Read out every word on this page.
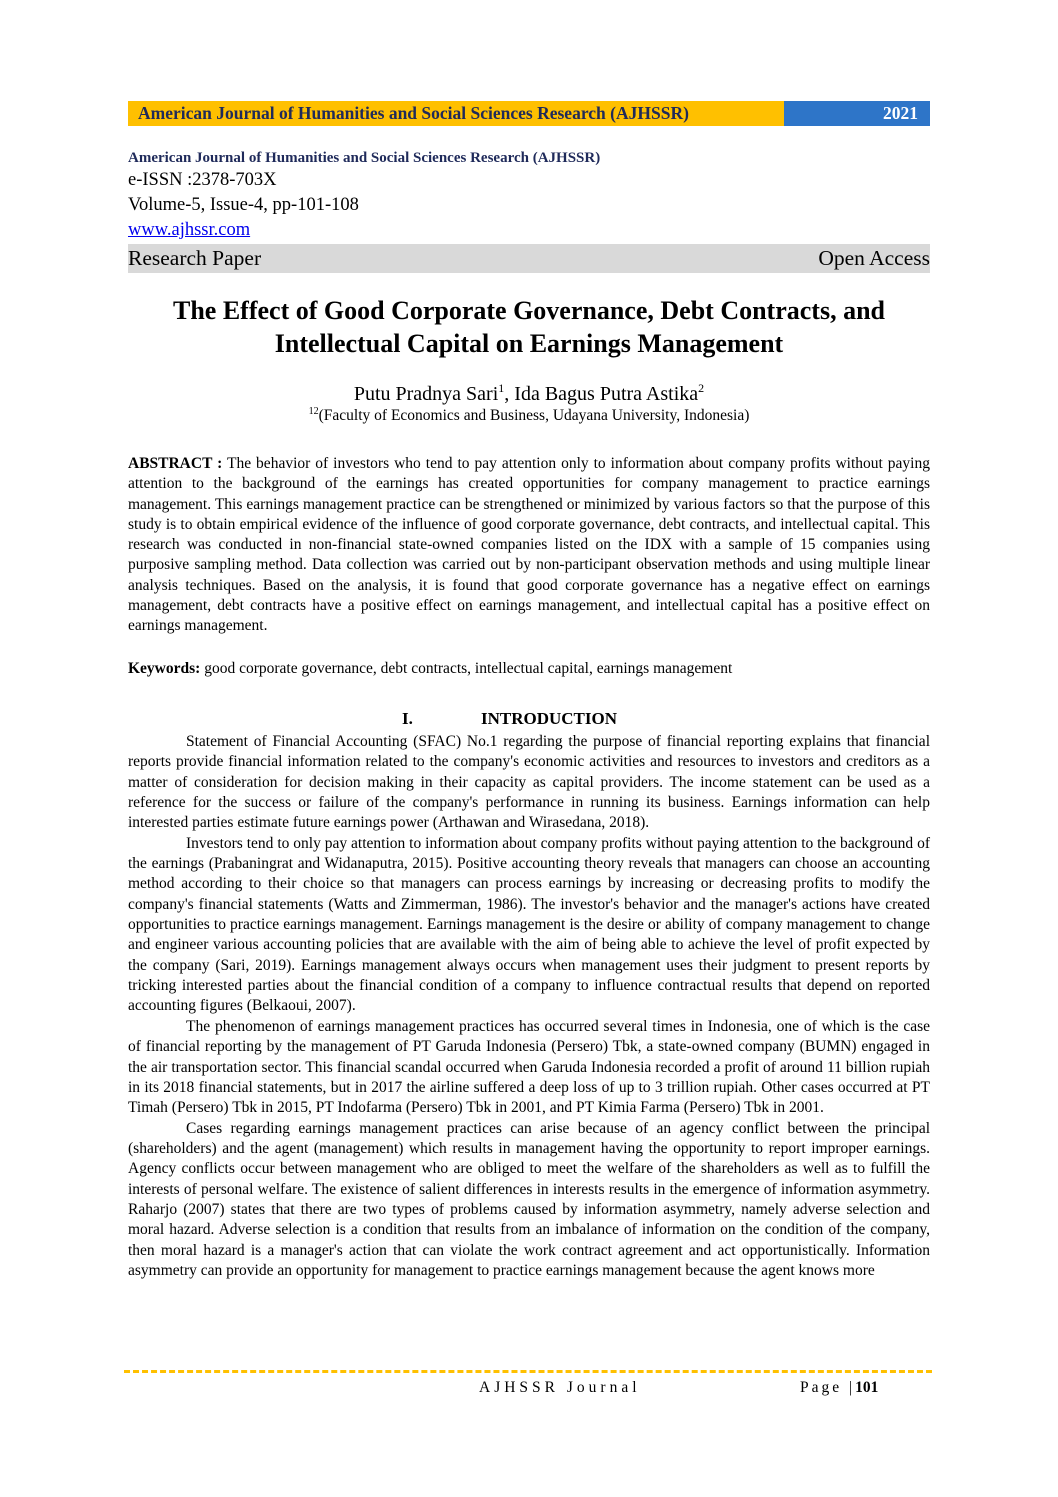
American Journal of Humanities and Social Sciences Research (AJHSSR)	2021
American Journal of Humanities and Social Sciences Research (AJHSSR)
e-ISSN :2378-703X
Volume-5, Issue-4, pp-101-108
www.ajhssr.com
Research Paper	Open Access
The Effect of Good Corporate Governance, Debt Contracts, and Intellectual Capital on Earnings Management
Putu Pradnya Sari$^1$, Ida Bagus Putra Astika$^2$
$^{12}$(Faculty of Economics and Business, Udayana University, Indonesia)
ABSTRACT : The behavior of investors who tend to pay attention only to information about company profits without paying attention to the background of the earnings has created opportunities for company management to practice earnings management. This earnings management practice can be strengthened or minimized by various factors so that the purpose of this study is to obtain empirical evidence of the influence of good corporate governance, debt contracts, and intellectual capital. This research was conducted in non-financial state-owned companies listed on the IDX with a sample of 15 companies using purposive sampling method. Data collection was carried out by non-participant observation methods and using multiple linear analysis techniques. Based on the analysis, it is found that good corporate governance has a negative effect on earnings management, debt contracts have a positive effect on earnings management, and intellectual capital has a positive effect on earnings management.
Keywords: good corporate governance, debt contracts, intellectual capital, earnings management
I.	INTRODUCTION

Statement of Financial Accounting (SFAC) No.1 regarding the purpose of financial reporting explains that financial reports provide financial information related to the company's economic activities and resources to investors and creditors as a matter of consideration for decision making in their capacity as capital providers. The income statement can be used as a reference for the success or failure of the company's performance in running its business. Earnings information can help interested parties estimate future earnings power (Arthawan and Wirasedana, 2018).

Investors tend to only pay attention to information about company profits without paying attention to the background of the earnings (Prabaningrat and Widanaputra, 2015). Positive accounting theory reveals that managers can choose an accounting method according to their choice so that managers can process earnings by increasing or decreasing profits to modify the company's financial statements (Watts and Zimmerman, 1986). The investor's behavior and the manager's actions have created opportunities to practice earnings management. Earnings management is the desire or ability of company management to change and engineer various accounting policies that are available with the aim of being able to achieve the level of profit expected by the company (Sari, 2019). Earnings management always occurs when management uses their judgment to present reports by tricking interested parties about the financial condition of a company to influence contractual results that depend on reported accounting figures (Belkaoui, 2007).

The phenomenon of earnings management practices has occurred several times in Indonesia, one of which is the case of financial reporting by the management of PT Garuda Indonesia (Persero) Tbk, a state-owned company (BUMN) engaged in the air transportation sector. This financial scandal occurred when Garuda Indonesia recorded a profit of around 11 billion rupiah in its 2018 financial statements, but in 2017 the airline suffered a deep loss of up to 3 trillion rupiah. Other cases occurred at PT Timah (Persero) Tbk in 2015, PT Indofarma (Persero) Tbk in 2001, and PT Kimia Farma (Persero) Tbk in 2001.

Cases regarding earnings management practices can arise because of an agency conflict between the principal (shareholders) and the agent (management) which results in management having the opportunity to report improper earnings. Agency conflicts occur between management who are obliged to meet the welfare of the shareholders as well as to fulfill the interests of personal welfare. The existence of salient differences in interests results in the emergence of information asymmetry. Raharjo (2007) states that there are two types of problems caused by information asymmetry, namely adverse selection and moral hazard. Adverse selection is a condition that results from an imbalance of information on the condition of the company, then moral hazard is a manager's action that can violate the work contract agreement and act opportunistically. Information asymmetry can provide an opportunity for management to practice earnings management because the agent knows more

AJHSSR Journal	Page |101
